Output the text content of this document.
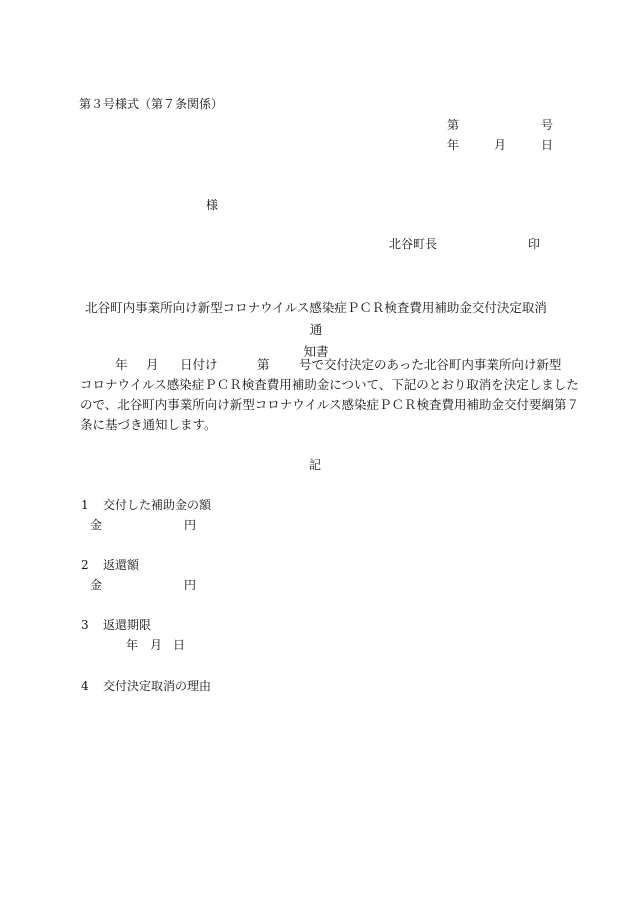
第３号様式（第７条関係）

第	号
年	月	日
様
北谷町長	印
北谷町内事業所向け新型コロナウイルス感染症ＰＣＲ検査費用補助金交付決定取消通
知書
年 月 日付け	第 号で交付決定のあった北谷町内事業所向け新型
コロナウイルス感染症ＰＣＲ検査費用補助金について、下記のとおり取消を決定しました
ので、北谷町内事業所向け新型コロナウイルス感染症ＰＣＲ検査費用補助金交付要綱第７
条に基づき通知します。
記
1 交付した補助金の額
金	円
2 返還額
金	円
3 返還期限
年 月 日
4 交付決定取消の理由
